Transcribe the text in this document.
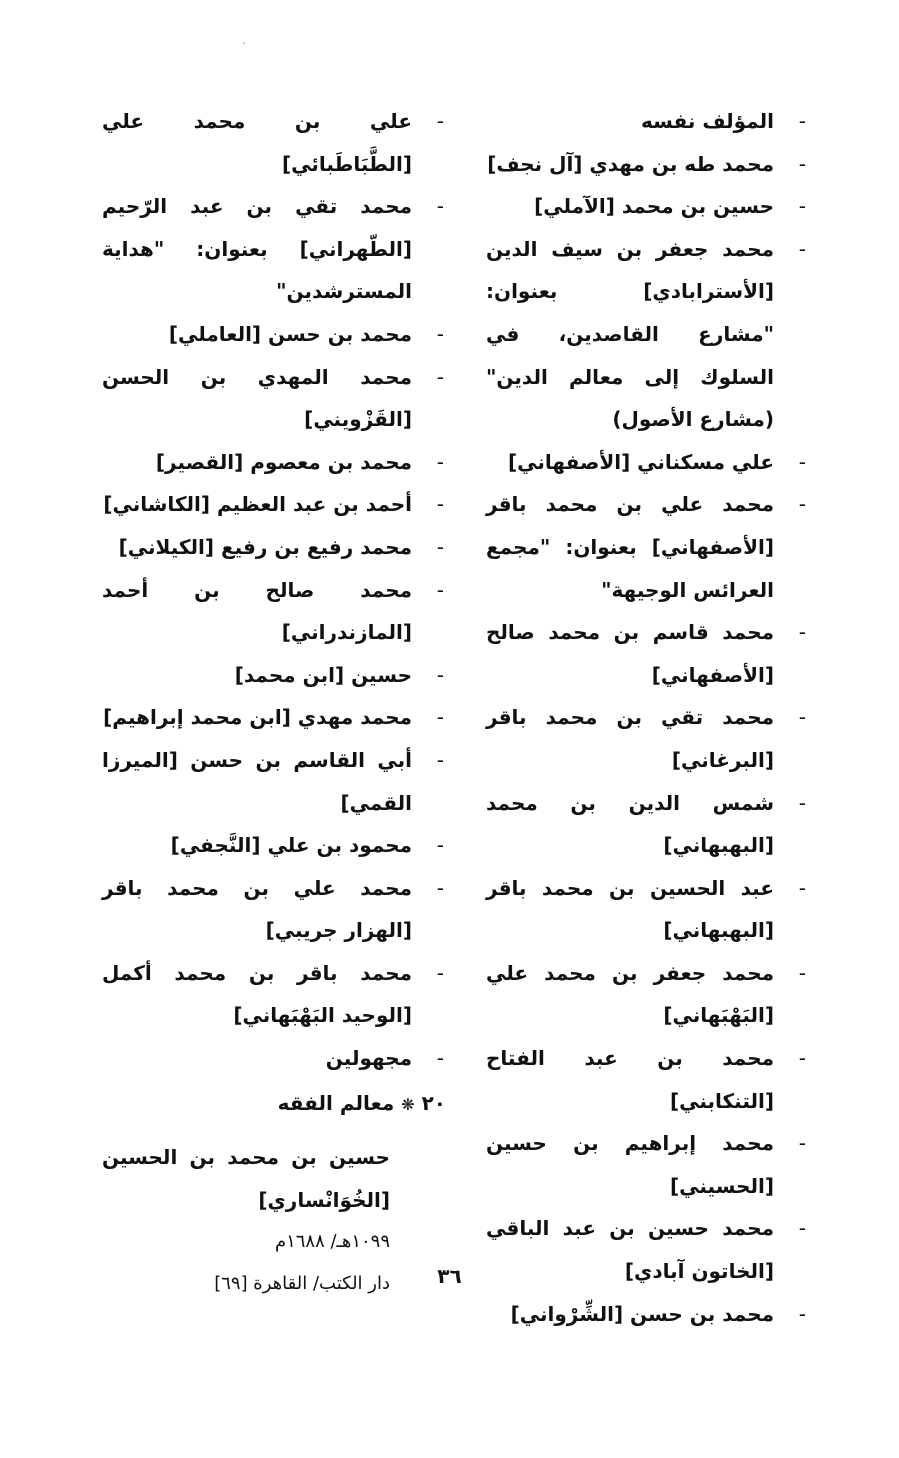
-
المؤلف نفسه
-
محمد طه بن مهدي [آل نجف]
-
حسين بن محمد [الآملي]
-
محمد جعفر بن سيف الدين [الأسترابادي] بعنوان: "مشارع القاصدين، في السلوك إلى معالم الدين" (مشارع الأصول)
-
علي مسكناني [الأصفهاني]
-
محمد علي بن محمد باقر [الأصفهاني] بعنوان: "مجمع العرائس الوجيهة"
-
محمد قاسم بن محمد صالح [الأصفهاني]
-
محمد تقي بن محمد باقر [البرغاني]
-
شمس الدين بن محمد [البهبهاني]
-
عبد الحسين بن محمد باقر [البهبهاني]
-
محمد جعفر بن محمد علي [البَهْبَهاني]
-
محمد بن عبد الفتاح [التنكابني]
-
محمد إبراهيم بن حسين [الحسيني]
-
محمد حسين بن عبد الباقي [الخاتون آبادي]
-
محمد بن حسن [الشِّرْواني]
-
علي بن محمد علي [الطَّبَاطَبائي]
-
محمد تقي بن عبد الرّحيم [الطّهراني] بعنوان: "هداية المسترشدين"
-
محمد بن حسن [العاملي]
-
محمد المهدي بن الحسن [القَزْويني]
-
محمد بن معصوم [القصير]
-
أحمد بن عبد العظيم [الكاشاني]
-
محمد رفيع بن رفيع [الكيلاني]
-
محمد صالح بن أحمد [المازندراني]
-
حسين [ابن محمد]
-
محمد مهدي [ابن محمد إبراهيم]
-
أبي القاسم بن حسن [الميرزا القمي]
-
محمود بن علي [النَّجفي]
-
محمد علي بن محمد باقر [الهزار جريبي]
-
محمد باقر بن محمد أكمل [الوحيد البَهْبَهاني]
-
مجهولين
٢٠ ❋ معالم الفقه
حسين بن محمد بن الحسين [الخُوَانْساري]
١٠٩٩هـ/ ١٦٨٨م
دار الكتب/ القاهرة [٦٩]	٣٦
